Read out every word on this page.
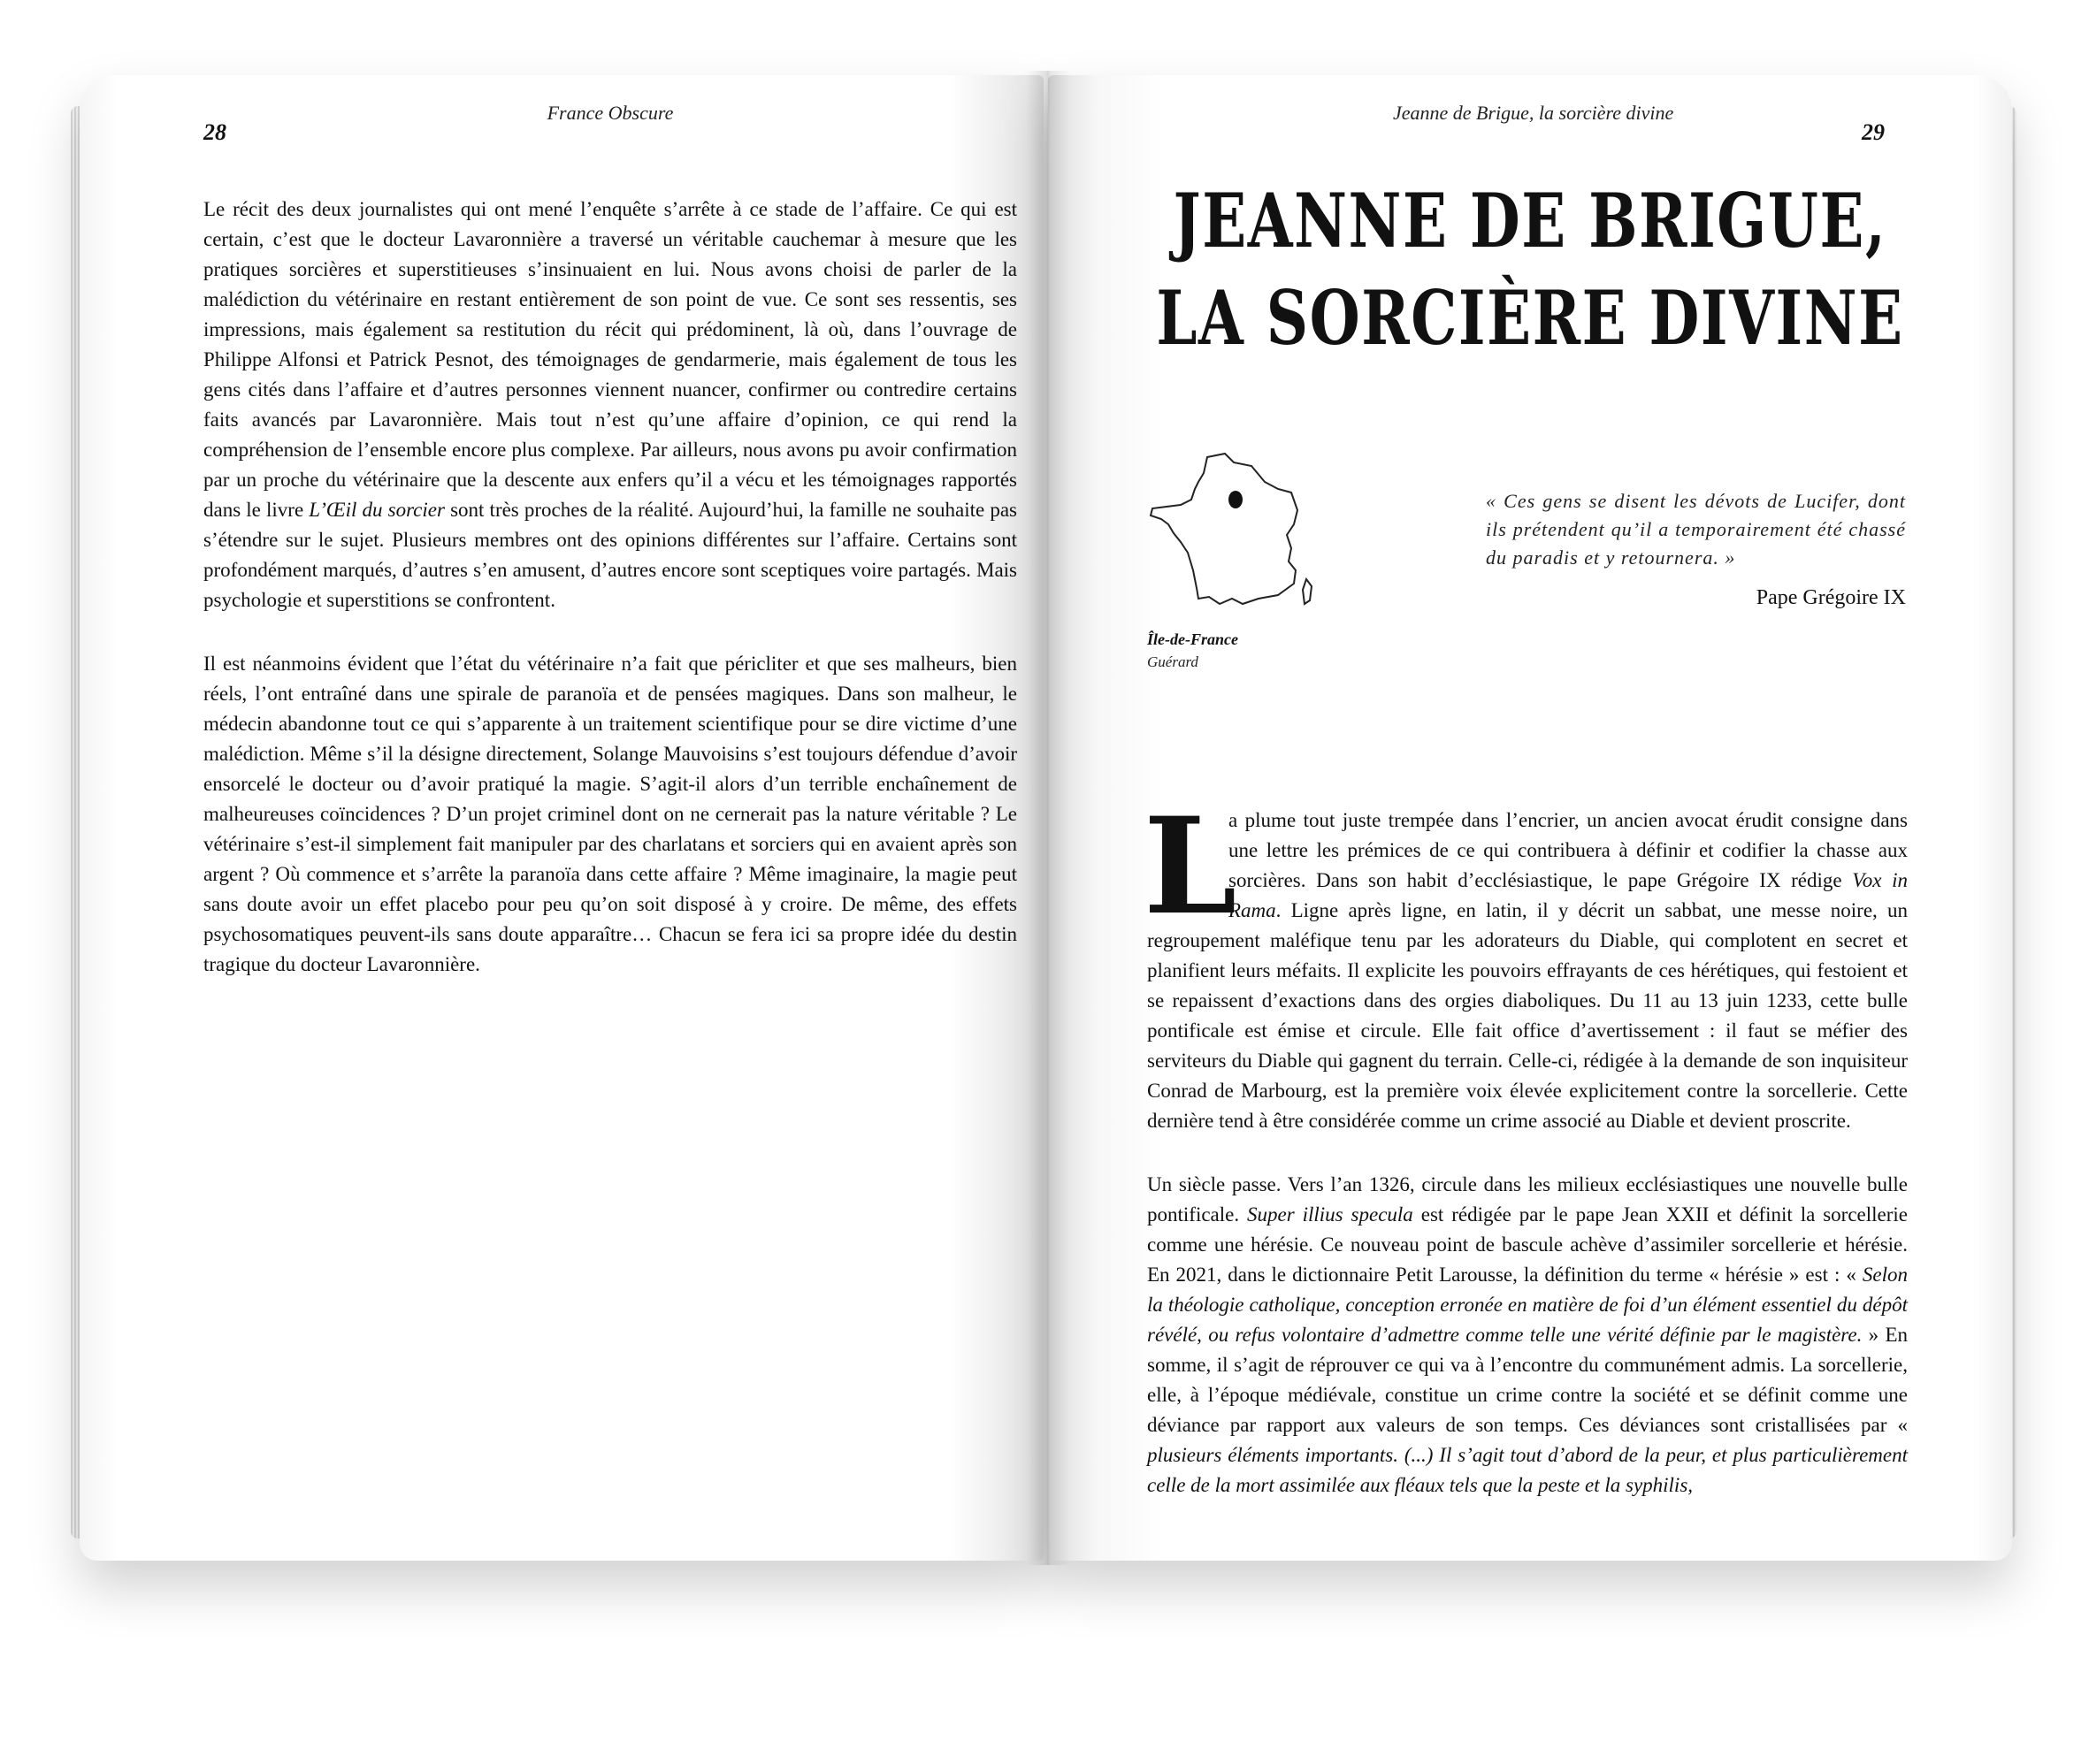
28
France Obscure

Le récit des deux journalistes qui ont mené l’enquête s’arrête à ce stade de l’affaire. Ce qui est certain, c’est que le docteur Lavaronnière a traversé un véritable cauchemar à mesure que les pratiques sorcières et superstitieuses s’insinuaient en lui. Nous avons choisi de parler de la malédiction du vétérinaire en restant entièrement de son point de vue. Ce sont ses ressentis, ses impressions, mais également sa restitution du récit qui prédominent, là où, dans l’ouvrage de Philippe Alfonsi et Patrick Pesnot, des témoignages de gendarmerie, mais également de tous les gens cités dans l’affaire et d’autres personnes viennent nuancer, confirmer ou contredire certains faits avancés par Lavaronnière. Mais tout n’est qu’une affaire d’opinion, ce qui rend la compréhension de l’ensemble encore plus complexe. Par ailleurs, nous avons pu avoir confirmation par un proche du vétérinaire que la descente aux enfers qu’il a vécu et les témoignages rapportés dans le livre L’Œil du sorcier sont très proches de la réalité. Aujourd’hui, la famille ne souhaite pas s’étendre sur le sujet. Plusieurs membres ont des opinions différentes sur l’affaire. Certains sont profondément marqués, d’autres s’en amusent, d’autres encore sont sceptiques voire partagés. Mais psychologie et superstitions se confrontent.

Il est néanmoins évident que l’état du vétérinaire n’a fait que péricliter et que ses malheurs, bien réels, l’ont entraîné dans une spirale de paranoïa et de pensées magiques. Dans son malheur, le médecin abandonne tout ce qui s’apparente à un traitement scientifique pour se dire victime d’une malédiction. Même s’il la désigne directement, Solange Mauvoisins s’est toujours défendue d’avoir ensorcelé le docteur ou d’avoir pratiqué la magie. S’agit-il alors d’un terrible enchaînement de malheureuses coïncidences ? D’un projet criminel dont on ne cernerait pas la nature véritable ? Le vétérinaire s’est-il simplement fait manipuler par des charlatans et sorciers qui en avaient après son argent ? Où commence et s’arrête la paranoïa dans cette affaire ? Même imaginaire, la magie peut sans doute avoir un effet placebo pour peu qu’on soit disposé à y croire. De même, des effets psychosomatiques peuvent-ils sans doute apparaître… Chacun se fera ici sa propre idée du destin tragique du docteur Lavaronnière.

Jeanne de Brigue, la sorcière divine
29
JEANNE DE BRIGUE,
LA SORCIÈRE DIVINE
Île-de-France
Guérard
« Ces gens se disent les dévots de Lucifer, dont ils prétendent qu’il a temporairement été chassé du paradis et y retournera. »
Pape Grégoire IX
L

a plume tout juste trempée dans l’encrier, un ancien avocat érudit consigne dans une lettre les prémices de ce qui contribuera à définir et codifier la chasse aux sorcières. Dans son habit d’ecclésiastique, le pape Grégoire IX rédige Vox in Rama. Ligne après ligne, en latin, il y décrit un sabbat, une messe noire, un regroupement maléfique tenu par les adorateurs du Diable, qui complotent en secret et planifient leurs méfaits. Il explicite les pouvoirs effrayants de ces hérétiques, qui festoient et se repaissent d’exactions dans des orgies diaboliques. Du 11 au 13 juin 1233, cette bulle pontificale est émise et circule. Elle fait office d’avertissement : il faut se méfier des serviteurs du Diable qui gagnent du terrain. Celle-ci, rédigée à la demande de son inquisiteur Conrad de Marbourg, est la première voix élevée explicitement contre la sorcellerie. Cette dernière tend à être considérée comme un crime associé au Diable et devient proscrite.

Un siècle passe. Vers l’an 1326, circule dans les milieux ecclésiastiques une nouvelle bulle pontificale. Super illius specula est rédigée par le pape Jean XXII et définit la sorcellerie comme une hérésie. Ce nouveau point de bascule achève d’assimiler sorcellerie et hérésie. En 2021, dans le dictionnaire Petit Larousse, la définition du terme « hérésie » est : « Selon la théologie catholique, conception erronée en matière de foi d’un élément essentiel du dépôt révélé, ou refus volontaire d’admettre comme telle une vérité définie par le magistère. » En somme, il s’agit de réprouver ce qui va à l’encontre du communément admis. La sorcellerie, elle, à l’époque médiévale, constitue un crime contre la société et se définit comme une déviance par rapport aux valeurs de son temps. Ces déviances sont cristallisées par « plusieurs éléments importants. (...) Il s’agit tout d’abord de la peur, et plus particulièrement celle de la mort assimilée aux fléaux tels que la peste et la syphilis,
